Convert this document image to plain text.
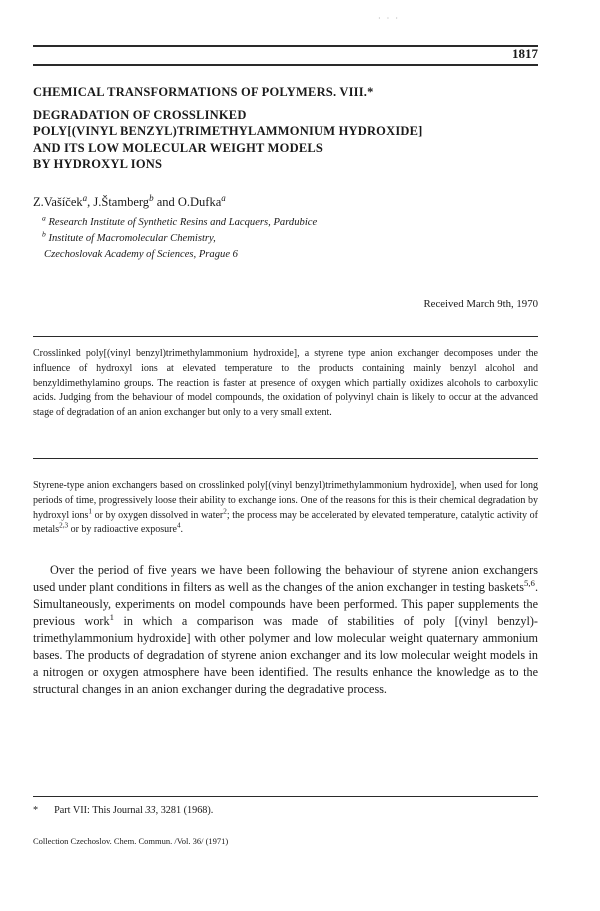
· · ·
1817
CHEMICAL TRANSFORMATIONS OF POLYMERS. VIII.*
DEGRADATION OF CROSSLINKED
POLY[(VINYL BENZYL)TRIMETHYLAMMONIUM HYDROXIDE]
AND ITS LOW MOLECULAR WEIGHT MODELS
BY HYDROXYL IONS
Z.Vašíček$^a$, J.Štamberg$^b$ and O.Dufka$^a$
$^a$ Research Institute of Synthetic Resins and Lacquers, Pardubice
$^b$ Institute of Macromolecular Chemistry,
Czechoslovak Academy of Sciences, Prague 6
Received March 9th, 1970

Crosslinked poly[(vinyl benzyl)trimethylammonium hydroxide], a styrene type anion exchanger decomposes under the influence of hydroxyl ions at elevated temperature to the products containing mainly benzyl alcohol and benzyldimethylamino groups. The reaction is faster at presence of oxygen which partially oxidizes alcohols to carboxylic acids. Judging from the behaviour of model compounds, the oxidation of polyvinyl chain is likely to occur at the advanced stage of degradation of an anion exchanger but only to a very small extent.

Styrene-type anion exchangers based on crosslinked poly[(vinyl benzyl)trimethylammonium hydroxide], when used for long periods of time, progressively loose their ability to exchange ions. One of the reasons for this is their chemical degradation by hydroxyl ions$^1$ or by oxygen dissolved in water$^2$; the process may be accelerated by elevated temperature, catalytic activity of metals$^{2,3}$ or by radioactive exposure$^4$.

Over the period of five years we have been following the behaviour of styrene anion exchangers used under plant conditions in filters as well as the changes of the anion exchanger in testing baskets$^{5,6}$. Simultaneously, experiments on model compounds have been performed. This paper supplements the previous work$^1$ in which a comparison was made of stabilities of poly [(vinyl benzyl)-trimethylammonium hydroxide] with other polymer and low molecular weight quaternary ammonium bases. The products of degradation of styrene anion exchanger and its low molecular weight models in a nitrogen or oxygen atmosphere have been identified. The results enhance the knowledge as to the structural changes in an anion exchanger during the degradative process.

* Part VII: This Journal 33, 3281 (1968).
Collection Czechoslov. Chem. Commun. /Vol. 36/ (1971)
